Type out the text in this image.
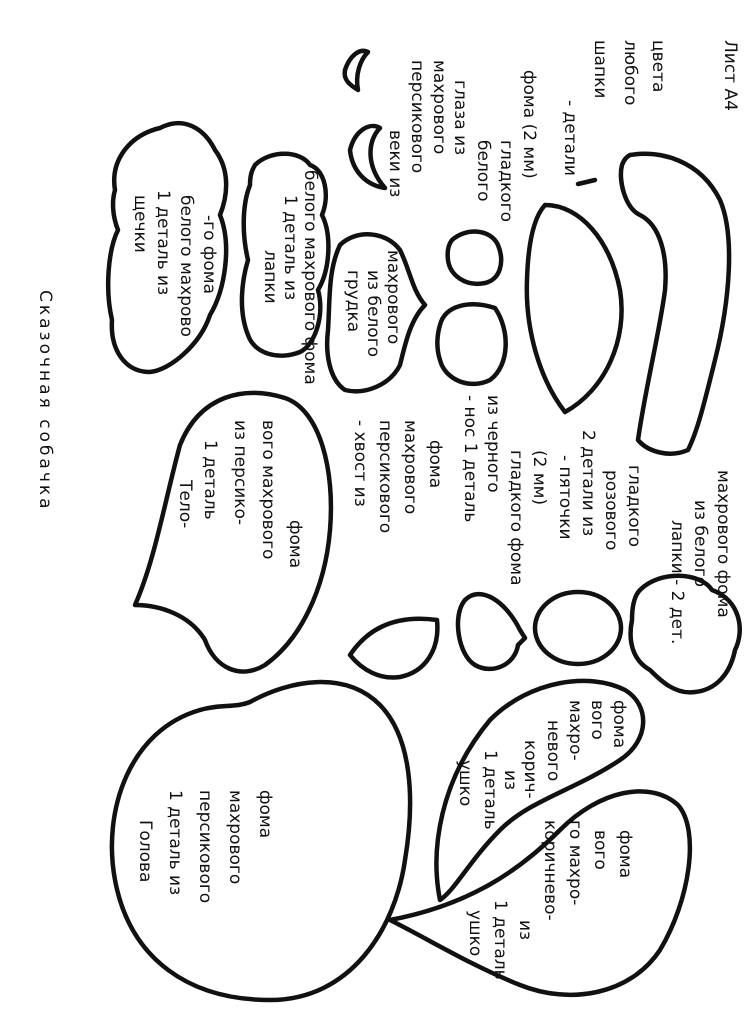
Сказочная собачка
Лист А4
Голова 1 деталь из персикового махрового фома
ушко 1 деталь из
коричнево- го махро- вого фома
ушко 1 деталь из корич- невого махро- вого фома
Тело- 1 деталь из персико- вого махрового фома
- хвост из персикового махрового фома - нос 1 деталь из черного
гладкого фома (2 мм) - пяточки 2 детали из розового гладкого
лапки - 2 дет. из белого махрового фома
щечки 1 деталь из белого махрово -го фома лапки 1 деталь из белого махрового фома грудка из белого махрового
веки из персикового махрового глаза из
белого гладкого
фома (2 мм) - детали
шапки любого цвета
